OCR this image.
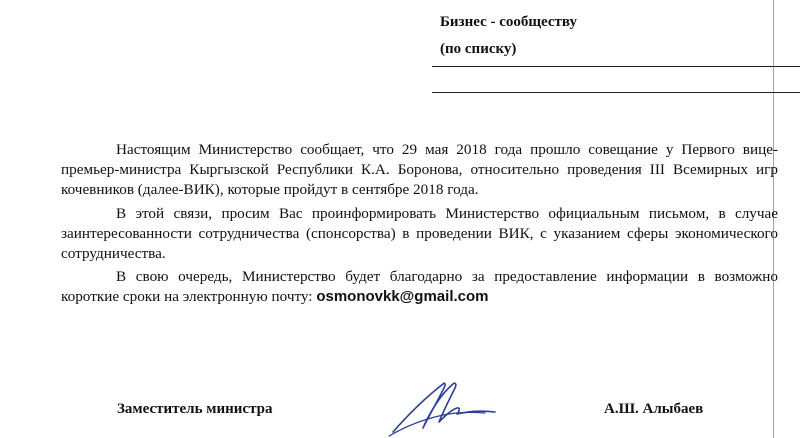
Бизнес - сообществу
(по списку)

Настоящим Министерство сообщает, что 29 мая 2018 года прошло совещание у Первого вице-премьер-министра Кыргызской Республики К.А. Боронова, относительно проведения III Всемирных игр кочевников (далее-ВИК), которые пройдут в сентябре 2018 года.

В этой связи, просим Вас проинформировать Министерство официальным письмом, в случае заинтересованности сотрудничества (спонсорства) в проведении ВИК, с указанием сферы экономического сотрудничества.

В свою очередь, Министерство будет благодарно за предоставление информации в возможно короткие сроки на электронную почту: osmonovkk@gmail.com

Заместитель министра	А.Ш. Алыбаев
